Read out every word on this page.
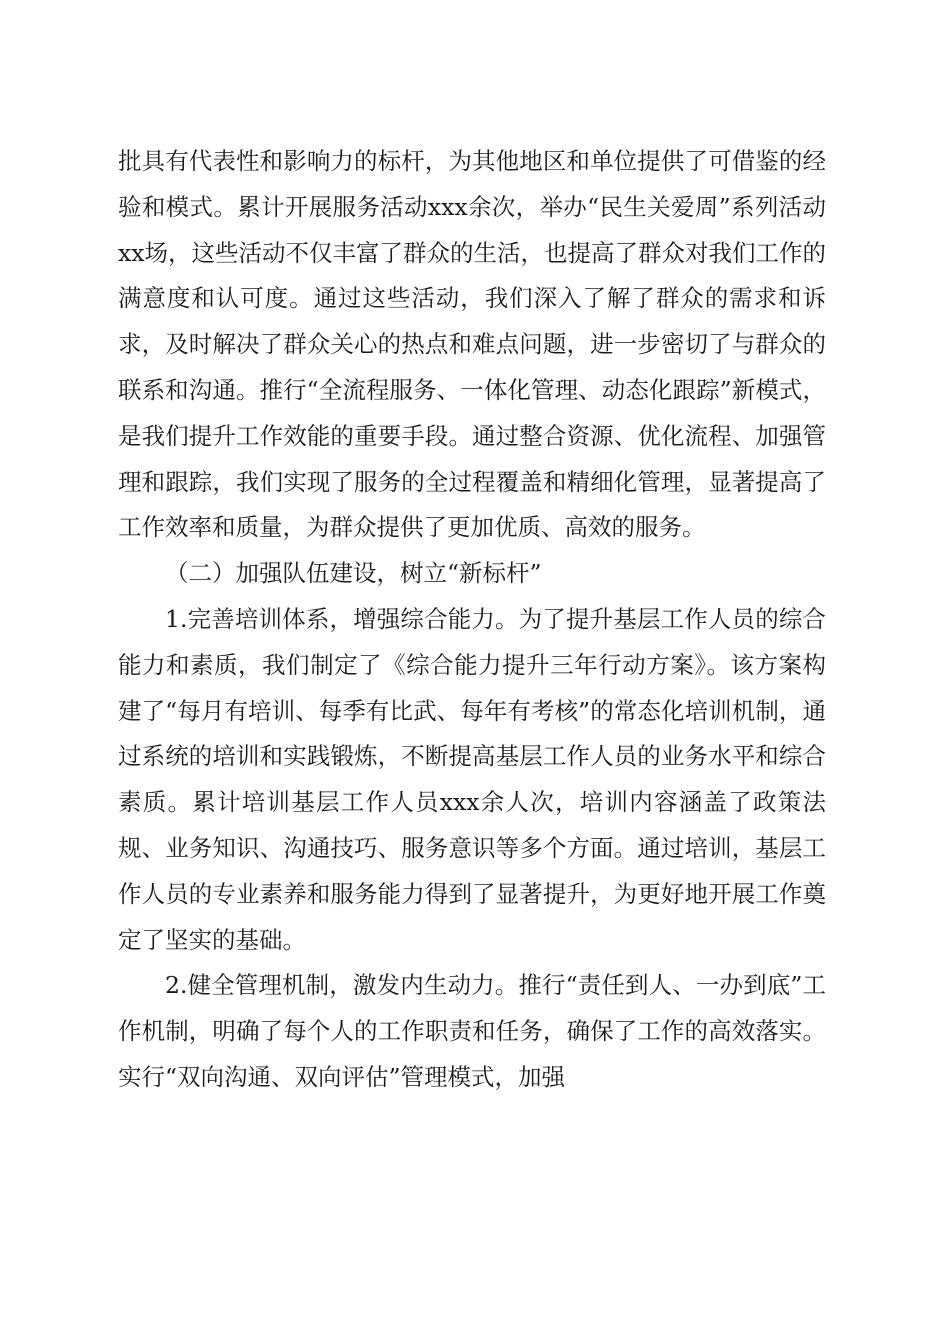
批具有代表性和影响力的标杆，为其他地区和单位提供了可借鉴的经验和模式。累计开展服务活动xxx余次，举办“民生关爱周”系列活动xx场，这些活动不仅丰富了群众的生活，也提高了群众对我们工作的满意度和认可度。通过这些活动，我们深入了解了群众的需求和诉求，及时解决了群众关心的热点和难点问题，进一步密切了与群众的联系和沟通。推行“全流程服务、一体化管理、动态化跟踪”新模式，是我们提升工作效能的重要手段。通过整合资源、优化流程、加强管理和跟踪，我们实现了服务的全过程覆盖和精细化管理，显著提高了工作效率和质量，为群众提供了更加优质、高效的服务。

（二）加强队伍建设，树立“新标杆”

1.完善培训体系，增强综合能力。为了提升基层工作人员的综合能力和素质，我们制定了《综合能力提升三年行动方案》。该方案构建了“每月有培训、每季有比武、每年有考核”的常态化培训机制，通过系统的培训和实践锻炼，不断提高基层工作人员的业务水平和综合素质。累计培训基层工作人员xxx余人次，培训内容涵盖了政策法规、业务知识、沟通技巧、服务意识等多个方面。通过培训，基层工作人员的专业素养和服务能力得到了显著提升，为更好地开展工作奠定了坚实的基础。

2.健全管理机制，激发内生动力。推行“责任到人、一办到底”工作机制，明确了每个人的工作职责和任务，确保了工作的高效落实。实行“双向沟通、双向评估”管理模式，加强
